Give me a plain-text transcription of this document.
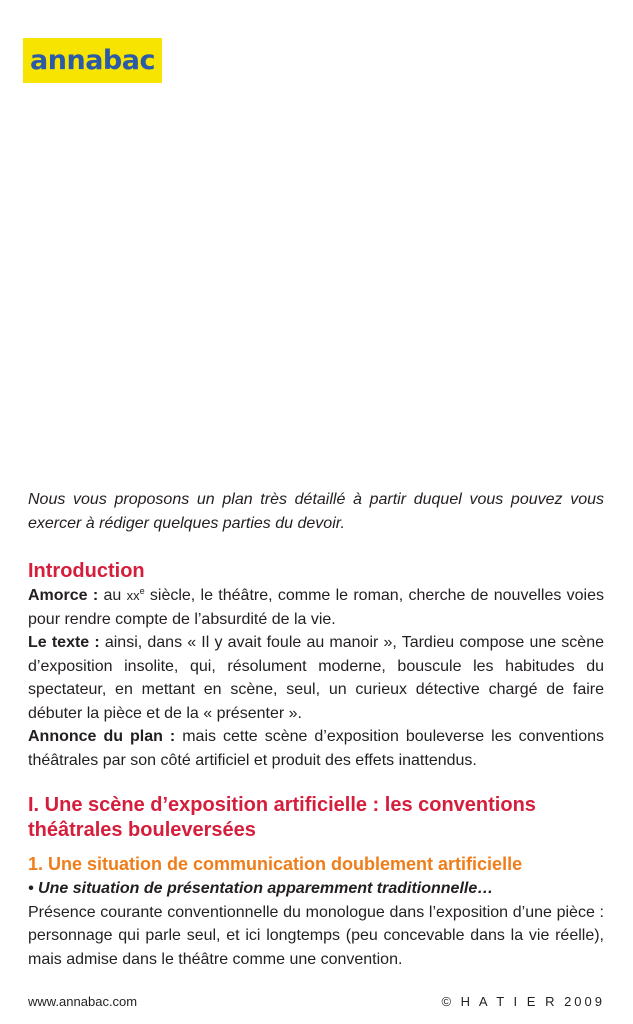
annabac

Nous vous proposons un plan très détaillé à partir duquel vous pouvez vous exercer à rédiger quelques parties du devoir.

Introduction

Amorce : au $xx^e$ siècle, le théâtre, comme le roman, cherche de nouvelles voies pour rendre compte de l’absurdité de la vie.

Le texte : ainsi, dans « Il y avait foule au manoir », Tardieu compose une scène d’exposition insolite, qui, résolument moderne, bouscule les habitudes du spectateur, en mettant en scène, seul, un curieux détective chargé de faire débuter la pièce et de la « présenter ».

Annonce du plan : mais cette scène d’exposition bouleverse les conventions théâtrales par son côté artificiel et produit des effets inattendus.

I. Une scène d’exposition artificielle : les conventions théâtrales bouleversées
1. Une situation de communication doublement artificielle

• Une situation de présentation apparemment traditionnelle…

Présence courante conventionnelle du monologue dans l’exposition d’une pièce : personnage qui parle seul, et ici longtemps (peu concevable dans la vie réelle), mais admise dans le théâtre comme une convention.

www.annabac.com	© H A T I E R 2009
